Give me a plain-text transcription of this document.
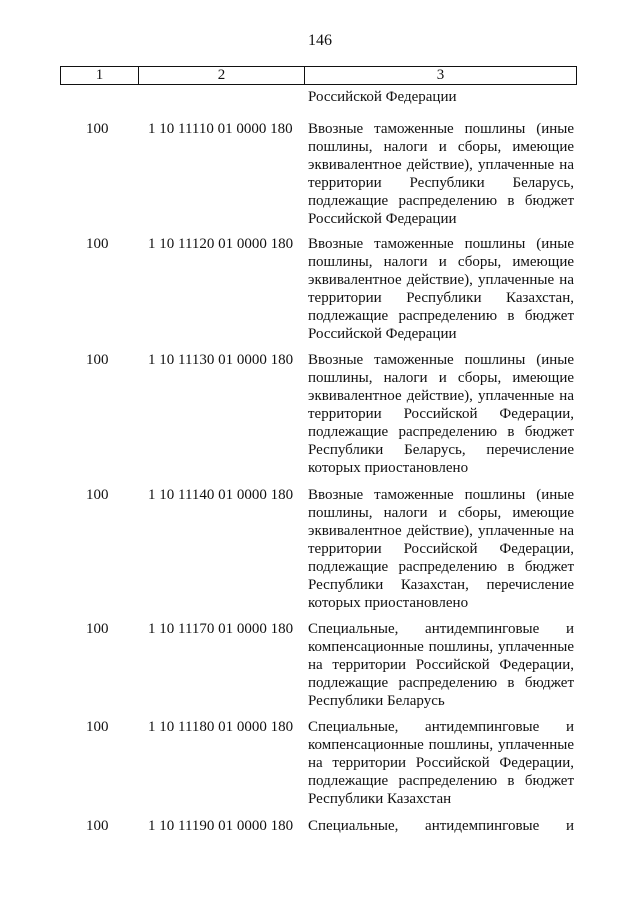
146
1	2	3
Российской Федерации
100	1 10 11110 01 0000 180 Ввозные таможенные пошлины (иные
пошлины, налоги и сборы, имеющие
эквивалентное действие), уплаченные на
территории Республики Беларусь,
подлежащие распределению в бюджет
Российской Федерации
100	1 10 11120 01 0000 180 Ввозные таможенные пошлины (иные
пошлины, налоги и сборы, имеющие
эквивалентное действие), уплаченные на
территории Республики Казахстан,
подлежащие распределению в бюджет
Российской Федерации
100	1 10 11130 01 0000 180 Ввозные таможенные пошлины (иные
пошлины, налоги и сборы, имеющие
эквивалентное действие), уплаченные на
территории Российской Федерации,
подлежащие распределению в бюджет
Республики Беларусь, перечисление
которых приостановлено
100	1 10 11140 01 0000 180 Ввозные таможенные пошлины (иные
пошлины, налоги и сборы, имеющие
эквивалентное действие), уплаченные на
территории Российской Федерации,
подлежащие распределению в бюджет
Республики Казахстан, перечисление
которых приостановлено
100	1 10 11170 01 0000 180 Специальные, антидемпинговые и
компенсационные пошлины, уплаченные
на территории Российской Федерации,
подлежащие распределению в бюджет
Республики Беларусь
100	1 10 11180 01 0000 180 Специальные, антидемпинговые и
компенсационные пошлины, уплаченные
на территории Российской Федерации,
подлежащие распределению в бюджет
Республики Казахстан
100	1 10 11190 01 0000 180 Специальные, антидемпинговые и
